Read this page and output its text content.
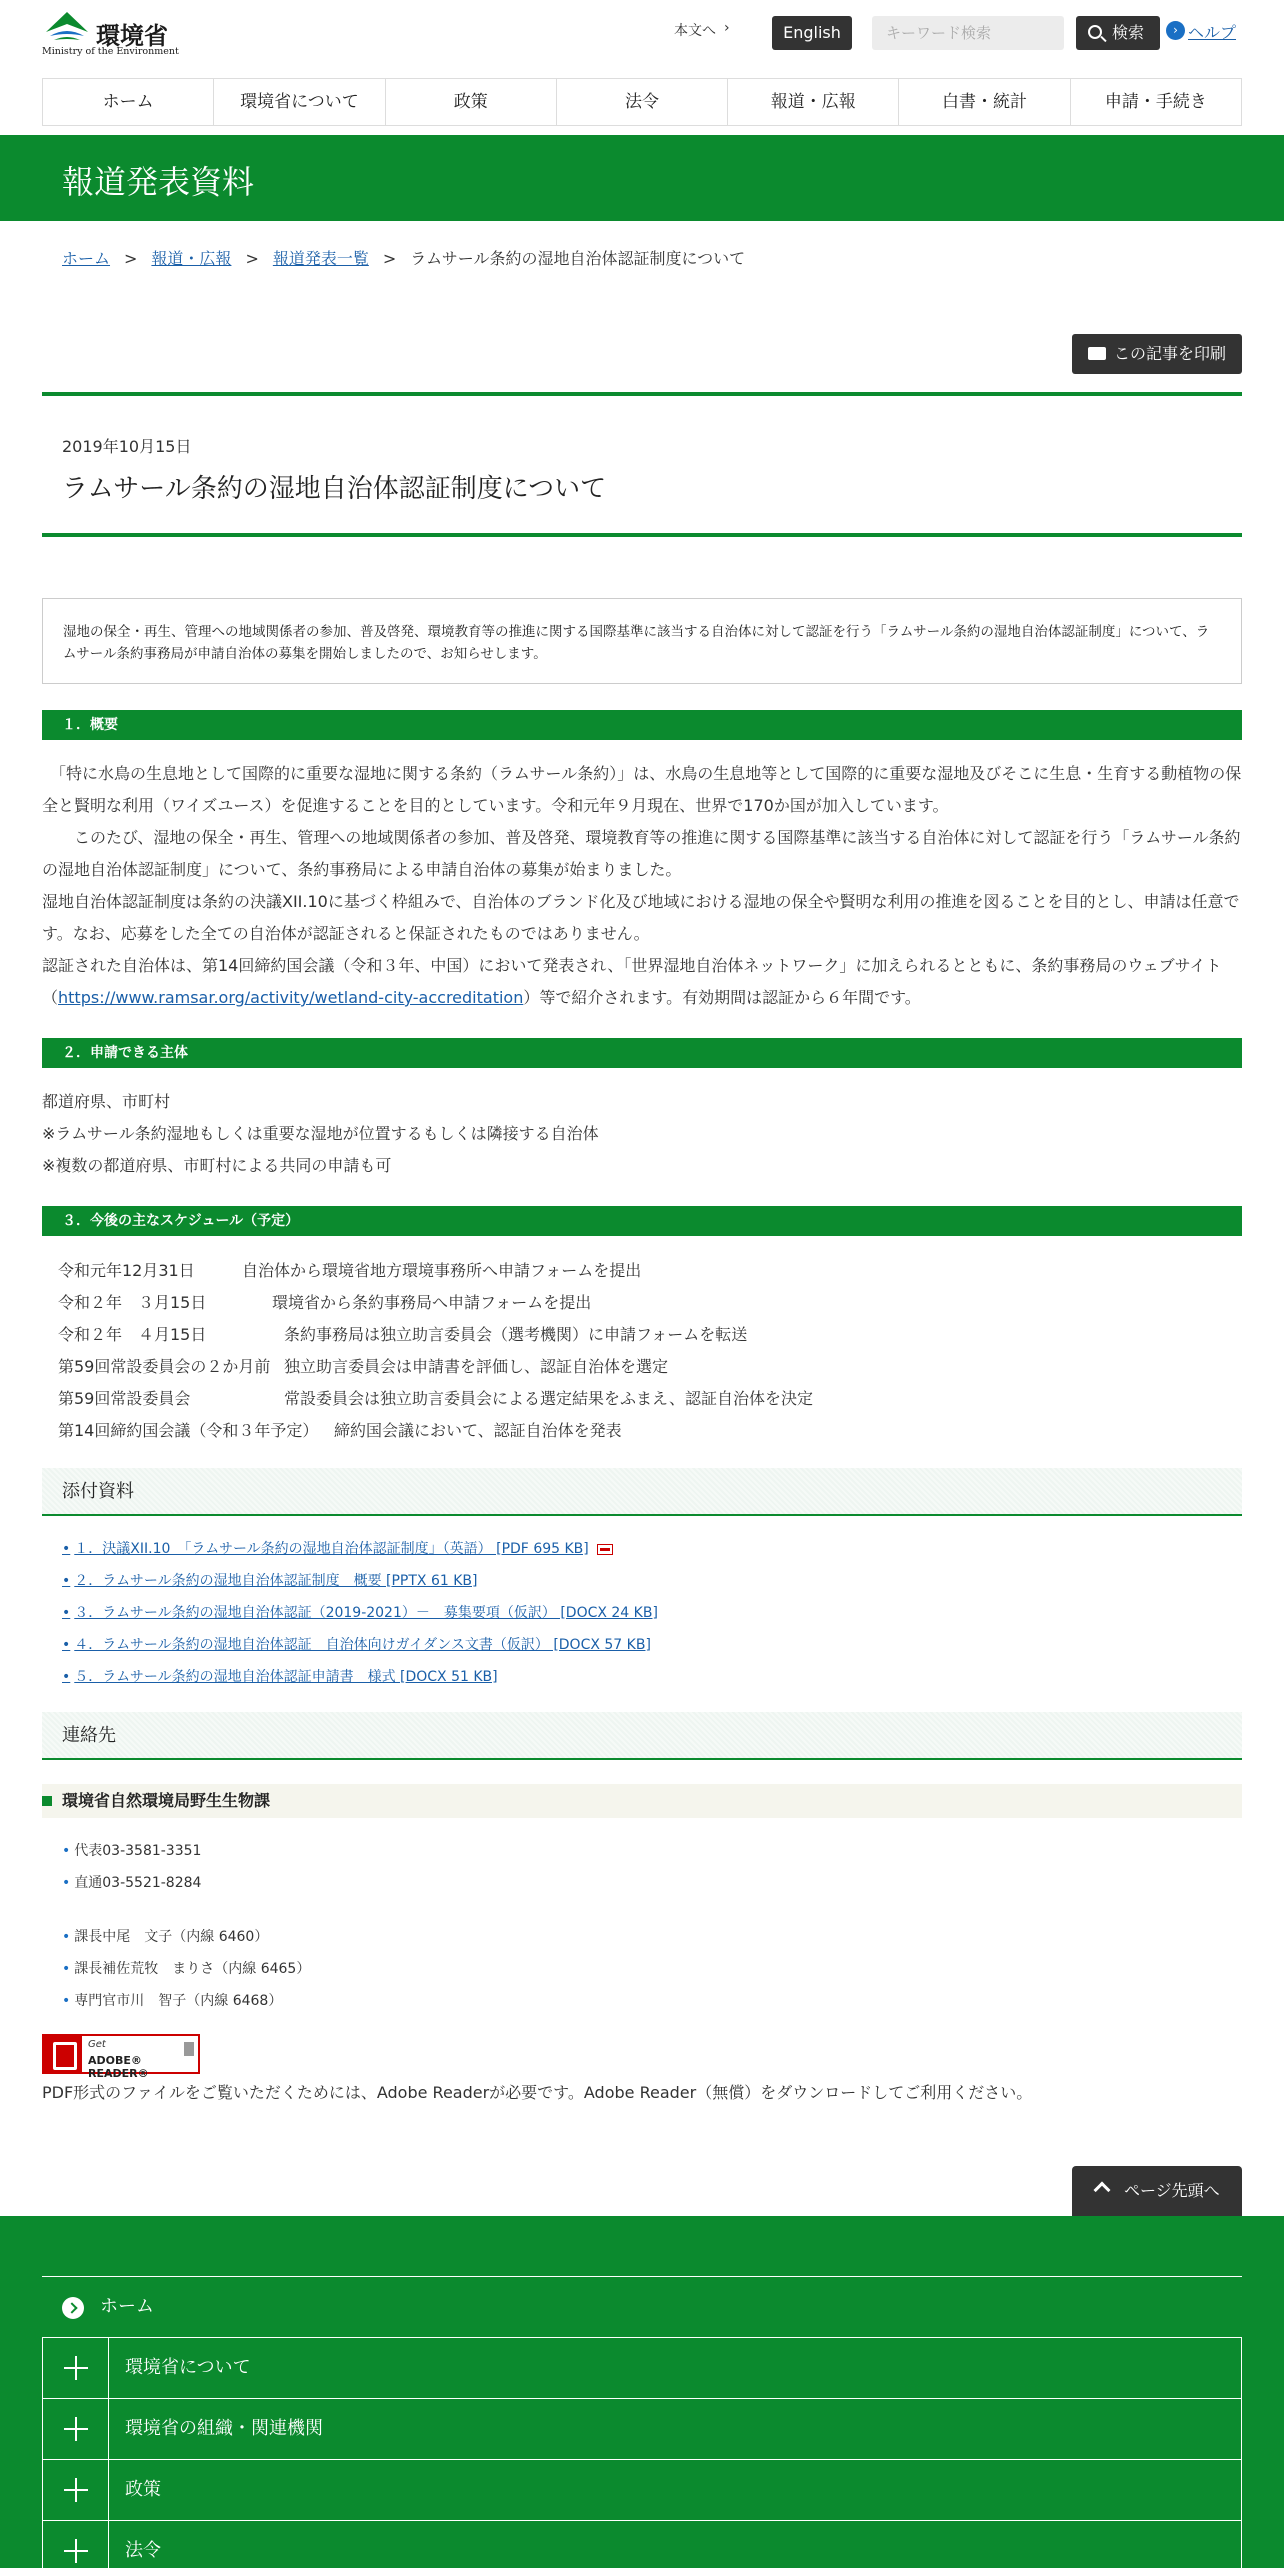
環境省
Ministry of the Environment
本文へ ›	English
キーワード検索	検索	› ヘルプ
ホーム	環境省について	政策	法令	報道・広報	白書・統計	申請・手続き
報道発表資料
ホーム > 報道・広報 > 報道発表一覧 > ラムサール条約の湿地自治体認証制度について
この記事を印刷
2019年10月15日
ラムサール条約の湿地自治体認証制度について
湿地の保全・再生、管理への地域関係者の参加、普及啓発、環境教育等の推進に関する国際基準に該当する自治体に対して認証を行う「ラムサール条約の湿地自治体認証制度」について、ラムサール条約事務局が申請自治体の募集を開始しましたので、お知らせします。
１．概要

　「特に水鳥の生息地として国際的に重要な湿地に関する条約（ラムサール条約）」は、水鳥の生息地等として国際的に重要な湿地及びそこに生息・生育する動植物の保全と賢明な利用（ワイズユース）を促進することを目的としています。令和元年９月現在、世界で170か国が加入しています。

　　このたび、湿地の保全・再生、管理への地域関係者の参加、普及啓発、環境教育等の推進に関する国際基準に該当する自治体に対して認証を行う「ラムサール条約の湿地自治体認証制度」について、条約事務局による申請自治体の募集が始まりました。

湿地自治体認証制度は条約の決議XII.10に基づく枠組みで、自治体のブランド化及び地域における湿地の保全や賢明な利用の推進を図ることを目的とし、申請は任意です。なお、応募をした全ての自治体が認証されると保証されたものではありません。

認証された自治体は、第14回締約国会議（令和３年、中国）において発表され、「世界湿地自治体ネットワーク」に加えられるとともに、条約事務局のウェブサイト（https://www.ramsar.org/activity/wetland-city-accreditation）等で紹介されます。有効期間は認証から６年間です。

２．申請できる主体

都道府県、市町村

※ラムサール条約湿地もしくは重要な湿地が位置するもしくは隣接する自治体

※複数の都道府県、市町村による共同の申請も可

３．今後の主なスケジュール（予定）
令和元年12月31日	自治体から環境省地方環境事務所へ申請フォームを提出
令和２年　３月15日	環境省から条約事務局へ申請フォームを提出
令和２年　４月15日	条約事務局は独立助言委員会（選考機関）に申請フォームを転送
第59回常設委員会の２か月前 独立助言委員会は申請書を評価し、認証自治体を選定
第59回常設委員会	常設委員会は独立助言委員会による選定結果をふまえ、認証自治体を決定
第14回締約国会議（令和３年予定） 締約国会議において、認証自治体を発表
添付資料
• １．決議XII.10　「ラムサール条約の湿地自治体認証制度」（英語） [PDF 695 KB]
• ２．ラムサール条約の湿地自治体認証制度　概要 [PPTX 61 KB]
• ３．ラムサール条約の湿地自治体認証（2019-2021）－　募集要項（仮訳） [DOCX 24 KB]
• ４．ラムサール条約の湿地自治体認証　自治体向けガイダンス文書（仮訳） [DOCX 57 KB]
• ５．ラムサール条約の湿地自治体認証申請書　様式 [DOCX 51 KB]
連絡先
環境省自然環境局野生生物課
• 代表03-3581-3351
• 直通03-5521-8284
• 課長中尾　文子（内線 6460）
• 課長補佐荒牧　まりさ（内線 6465）
• 専門官市川　智子（内線 6468）
Get
ADOBE® READER®
PDF形式のファイルをご覧いただくためには、Adobe Readerが必要です。Adobe Reader（無償）をダウンロードしてご利用ください。
ページ先頭へ
ホーム
環境省について
環境省の組織・関連機関
政策
法令
